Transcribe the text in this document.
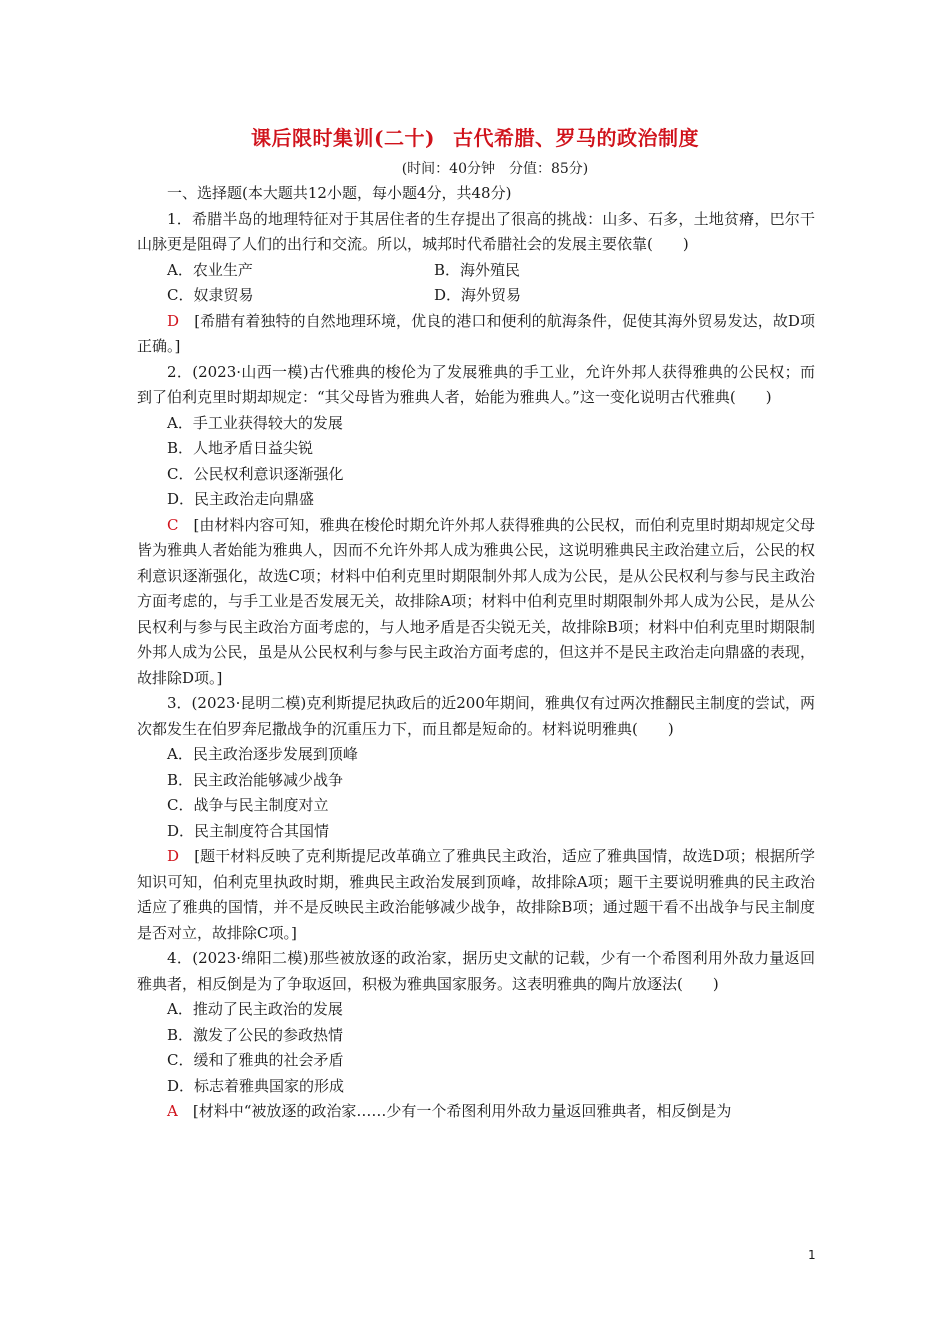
课后限时集训(二十) 古代希腊、罗马的政治制度
(时间：40分钟　分值：85分)

一、选择题(本大题共12小题，每小题4分，共48分)

1．希腊半岛的地理特征对于其居住者的生存提出了很高的挑战：山多、石多，土地贫瘠，巴尔干山脉更是阻碍了人们的出行和交流。所以，城邦时代希腊社会的发展主要依靠(　　)

A．农业生产	B．海外殖民
C．奴隶贸易	D．海外贸易

D　 [希腊有着独特的自然地理环境，优良的港口和便利的航海条件，促使其海外贸易发达，故D项正确。]

2．(2023·山西一模)古代雅典的梭伦为了发展雅典的手工业，允许外邦人获得雅典的公民权；而到了伯利克里时期却规定：“其父母皆为雅典人者，始能为雅典人。”这一变化说明古代雅典(　　)

A．手工业获得较大的发展

B．人地矛盾日益尖锐

C．公民权利意识逐渐强化

D．民主政治走向鼎盛

C　 [由材料内容可知，雅典在梭伦时期允许外邦人获得雅典的公民权，而伯利克里时期却规定父母皆为雅典人者始能为雅典人，因而不允许外邦人成为雅典公民，这说明雅典民主政治建立后，公民的权利意识逐渐强化，故选C项；材料中伯利克里时期限制外邦人成为公民，是从公民权利与参与民主政治方面考虑的，与手工业是否发展无关，故排除A项；材料中伯利克里时期限制外邦人成为公民，是从公民权利与参与民主政治方面考虑的，与人地矛盾是否尖锐无关，故排除B项；材料中伯利克里时期限制外邦人成为公民，虽是从公民权利与参与民主政治方面考虑的，但这并不是民主政治走向鼎盛的表现，故排除D项。]

3．(2023·昆明二模)克利斯提尼执政后的近200年期间，雅典仅有过两次推翻民主制度的尝试，两次都发生在伯罗奔尼撒战争的沉重压力下，而且都是短命的。材料说明雅典(　　)

A．民主政治逐步发展到顶峰

B．民主政治能够减少战争

C．战争与民主制度对立

D．民主制度符合其国情

D　 [题干材料反映了克利斯提尼改革确立了雅典民主政治，适应了雅典国情，故选D项；根据所学知识可知，伯利克里执政时期，雅典民主政治发展到顶峰，故排除A项；题干主要说明雅典的民主政治适应了雅典的国情，并不是反映民主政治能够减少战争，故排除B项；通过题干看不出战争与民主制度是否对立，故排除C项。]

4．(2023·绵阳二模)那些被放逐的政治家，据历史文献的记载，少有一个希图利用外敌力量返回雅典者，相反倒是为了争取返回，积极为雅典国家服务。这表明雅典的陶片放逐法(　　)

A．推动了民主政治的发展

B．激发了公民的参政热情

C．缓和了雅典的社会矛盾

D．标志着雅典国家的形成

A　 [材料中“被放逐的政治家……少有一个希图利用外敌力量返回雅典者，相反倒是为

1
